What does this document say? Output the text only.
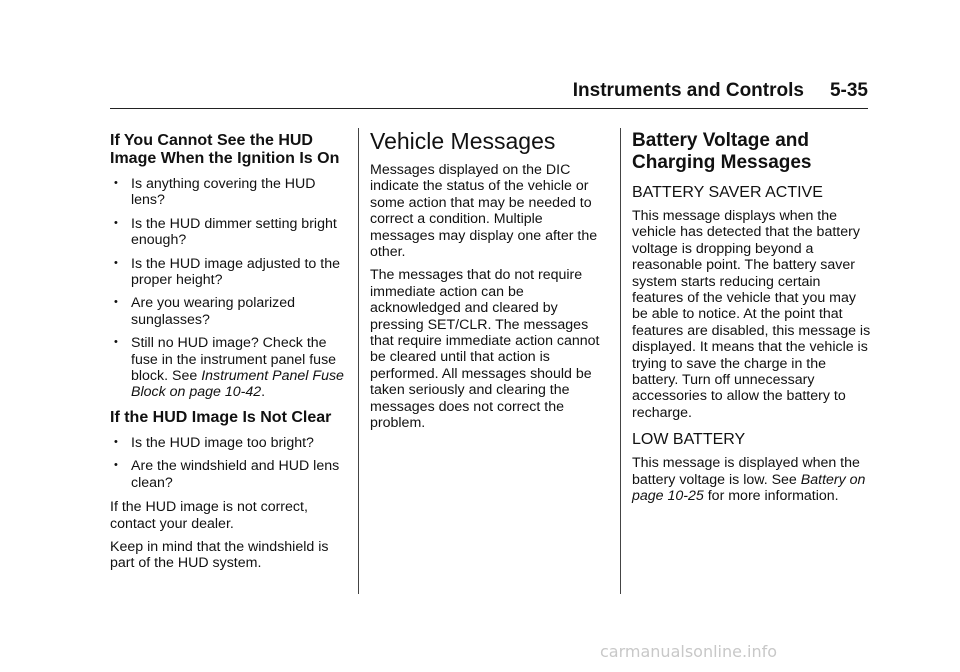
Instruments and Controls 5-35
If You Cannot See the HUD Image When the Ignition Is On
• Is anything covering the HUD lens?
• Is the HUD dimmer setting bright enough?
• Is the HUD image adjusted to the proper height?
• Are you wearing polarized sunglasses?
• Still no HUD image? Check the fuse in the instrument panel fuse block. See Instrument Panel Fuse Block on page 10-42.
If the HUD Image Is Not Clear
• Is the HUD image too bright?
• Are the windshield and HUD lens clean?

If the HUD image is not correct, contact your dealer.

Keep in mind that the windshield is part of the HUD system.

Vehicle Messages

Messages displayed on the DIC indicate the status of the vehicle or some action that may be needed to correct a condition. Multiple messages may display one after the other.

The messages that do not require immediate action can be acknowledged and cleared by pressing SET/CLR. The messages that require immediate action cannot be cleared until that action is performed. All messages should be taken seriously and clearing the messages does not correct the problem.

Battery Voltage and Charging Messages
BATTERY SAVER ACTIVE

This message displays when the vehicle has detected that the battery voltage is dropping beyond a reasonable point. The battery saver system starts reducing certain features of the vehicle that you may be able to notice. At the point that features are disabled, this message is displayed. It means that the vehicle is trying to save the charge in the battery. Turn off unnecessary accessories to allow the battery to recharge.

LOW BATTERY

This message is displayed when the battery voltage is low. See Battery on page 10-25 for more information.

carmanualsonline.info
